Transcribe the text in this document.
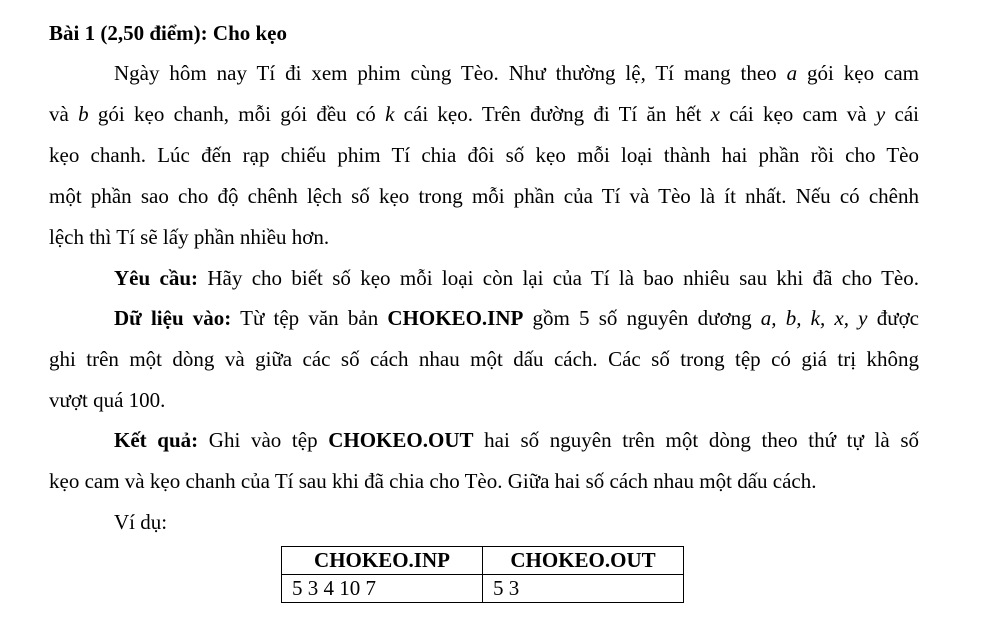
Bài 1 (2,50 điểm): Cho kẹo
Ngày hôm nay Tí đi xem phim cùng Tèo. Như thường lệ, Tí mang theo a gói kẹo cam
và b gói kẹo chanh, mỗi gói đều có k cái kẹo. Trên đường đi Tí ăn hết x cái kẹo cam và y cái
kẹo chanh. Lúc đến rạp chiếu phim Tí chia đôi số kẹo mỗi loại thành hai phần rồi cho Tèo
một phần sao cho độ chênh lệch số kẹo trong mỗi phần của Tí và Tèo là ít nhất. Nếu có chênh
lệch thì Tí sẽ lấy phần nhiều hơn.
Yêu cầu: Hãy cho biết số kẹo mỗi loại còn lại của Tí là bao nhiêu sau khi đã cho Tèo.
Dữ liệu vào: Từ tệp văn bản CHOKEO.INP gồm 5 số nguyên dương a, b, k, x, y được
ghi trên một dòng và giữa các số cách nhau một dấu cách. Các số trong tệp có giá trị không
vượt quá 100.
Kết quả: Ghi vào tệp CHOKEO.OUT hai số nguyên trên một dòng theo thứ tự là số
kẹo cam và kẹo chanh của Tí sau khi đã chia cho Tèo. Giữa hai số cách nhau một dấu cách.
Ví dụ:
CHOKEO.INP	CHOKEO.OUT
5 3 4 10 7	5 3
